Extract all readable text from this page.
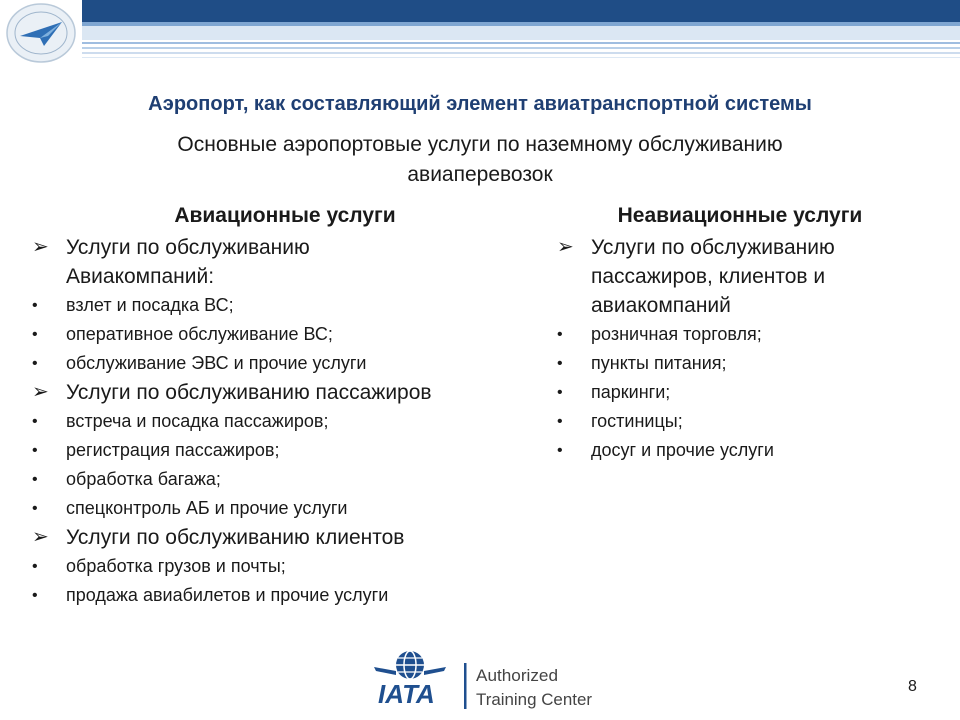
Аэропорт, как составляющий элемент авиатранспортной системы
Основные аэропортовые услуги по наземному обслуживанию
авиаперевозок
Авиационные услуги
➢ Услуги по обслуживанию
Авиакомпаний:
• взлет и посадка ВС;
• оперативное обслуживание ВС;
• обслуживание ЭВС и прочие услуги
➢ Услуги по обслуживанию пассажиров
• встреча и посадка пассажиров;
• регистрация пассажиров;
• обработка багажа;
• спецконтроль АБ и прочие услуги
➢ Услуги по обслуживанию клиентов
• обработка грузов и почты;
• продажа авиабилетов и прочие услуги
Неавиационные услуги
➢ Услуги по обслуживанию
пассажиров, клиентов и
авиакомпаний
• розничная торговля;
• пункты питания;
• паркинги;
• гостиницы;
• досуг и прочие услуги
IATA
Authorized
Training Center
8
